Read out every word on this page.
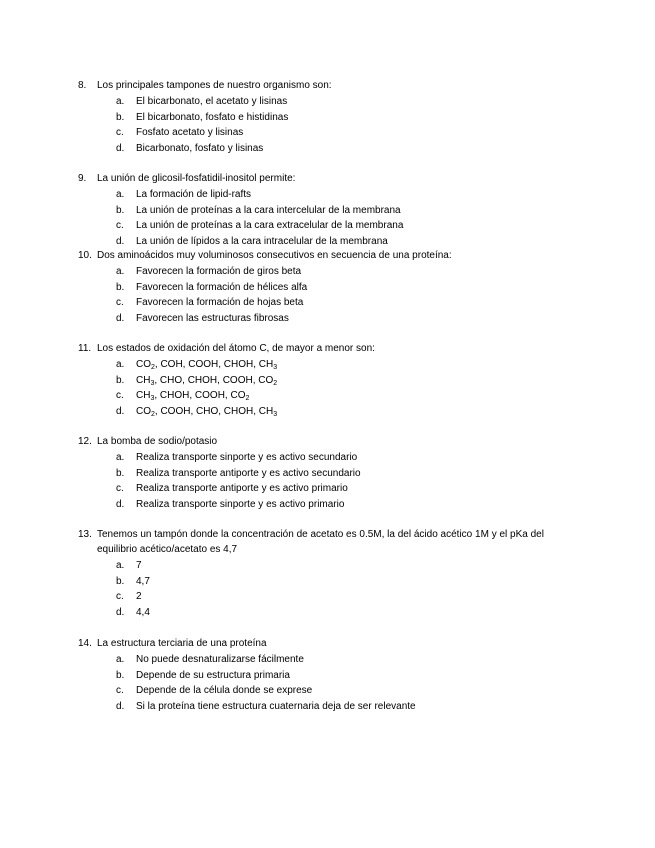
8. Los principales tampones de nuestro organismo son:
a. El bicarbonato, el acetato y lisinas
b. El bicarbonato, fosfato e histidinas
c. Fosfato acetato y lisinas
d. Bicarbonato, fosfato y lisinas
9. La unión de glicosil-fosfatidil-inositol permite:
a. La formación de lipid-rafts
b. La unión de proteínas a la cara intercelular de la membrana
c. La unión de proteínas a la cara extracelular de la membrana
d. La unión de lípidos a la cara intracelular de la membrana
10. Dos aminoácidos muy voluminosos consecutivos en secuencia de una proteína:
a. Favorecen la formación de giros beta
b. Favorecen la formación de hélices alfa
c. Favorecen la formación de hojas beta
d. Favorecen las estructuras fibrosas
11. Los estados de oxidación del átomo C, de mayor a menor son:
a. $CO_2$, COH, COOH, CHOH, $CH_3$
b. $CH_3$, CHO, CHOH, COOH, $CO_2$
c. $CH_3$, CHOH, COOH, $CO_2$
d. $CO_2$, COOH, CHO, CHOH, $CH_3$
12. La bomba de sodio/potasio
a. Realiza transporte sinporte y es activo secundario
b. Realiza transporte antiporte y es activo secundario
c. Realiza transporte antiporte y es activo primario
d. Realiza transporte sinporte y es activo primario
13. Tenemos un tampón donde la concentración de acetato es 0.5M, la del ácido acético 1M y el pKa del
equilibrio acético/acetato es 4,7
a. 7
b. 4,7
c. 2
d. 4,4
14. La estructura terciaria de una proteína
a. No puede desnaturalizarse fácilmente
b. Depende de su estructura primaria
c. Depende de la célula donde se exprese
d. Si la proteína tiene estructura cuaternaria deja de ser relevante
